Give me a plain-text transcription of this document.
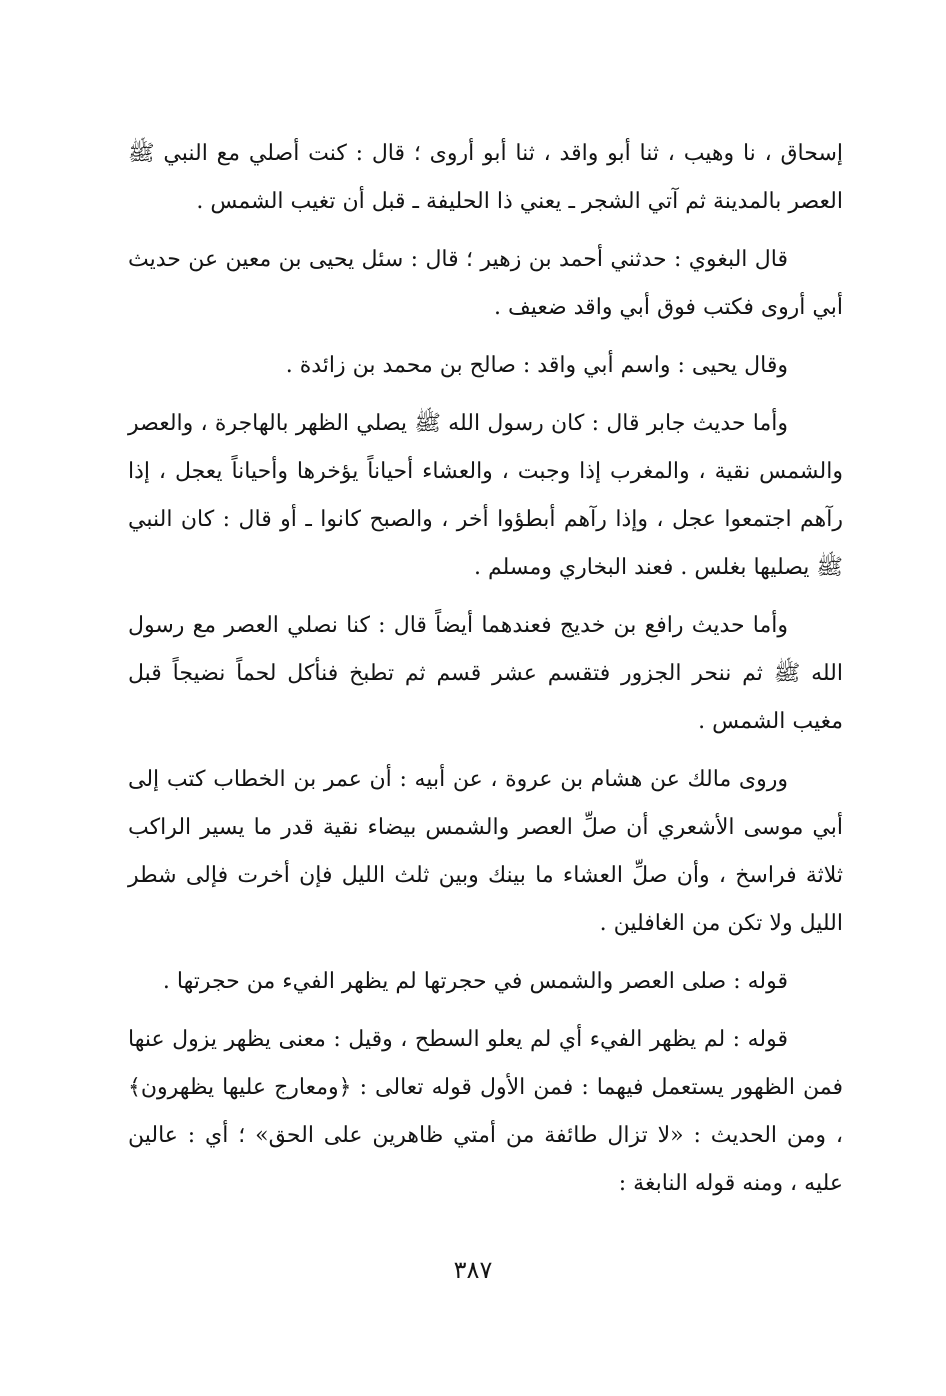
إسحاق ، نا وهيب ، ثنا أبو واقد ، ثنا أبو أروى ؛ قال : كنت أصلي مع النبي ﷺ العصر بالمدينة ثم آتي الشجر ـ يعني ذا الحليفة ـ قبل أن تغيب الشمس .

قال البغوي : حدثني أحمد بن زهير ؛ قال : سئل يحيى بن معين عن حديث أبي أروى فكتب فوق أبي واقد ضعيف .

وقال يحيى : واسم أبي واقد : صالح بن محمد بن زائدة .

وأما حديث جابر قال : كان رسول الله ﷺ يصلي الظهر بالهاجرة ، والعصر والشمس نقية ، والمغرب إذا وجبت ، والعشاء أحياناً يؤخرها وأحياناً يعجل ، إذا رآهم اجتمعوا عجل ، وإذا رآهم أبطؤوا أخر ، والصبح كانوا ـ أو قال : كان النبي ﷺ يصليها بغلس . فعند البخاري ومسلم .

وأما حديث رافع بن خديج فعندهما أيضاً قال : كنا نصلي العصر مع رسول الله ﷺ ثم ننحر الجزور فتقسم عشر قسم ثم تطبخ فنأكل لحماً نضيجاً قبل مغيب الشمس .

وروى مالك عن هشام بن عروة ، عن أبيه : أن عمر بن الخطاب كتب إلى أبي موسى الأشعري أن صلِّ العصر والشمس بيضاء نقية قدر ما يسير الراكب ثلاثة فراسخ ، وأن صلِّ العشاء ما بينك وبين ثلث الليل فإن أخرت فإلى شطر الليل ولا تكن من الغافلين .

قوله : صلى العصر والشمس في حجرتها لم يظهر الفيء من حجرتها .

قوله : لم يظهر الفيء أي لم يعلو السطح ، وقيل : معنى يظهر يزول عنها فمن الظهور يستعمل فيهما : فمن الأول قوله تعالى : ﴿ومعارج عليها يظهرون﴾ ، ومن الحديث : «لا تزال طائفة من أمتي ظاهرين على الحق» ؛ أي : عالين عليه ، ومنه قوله النابغة :

٣٨٧
